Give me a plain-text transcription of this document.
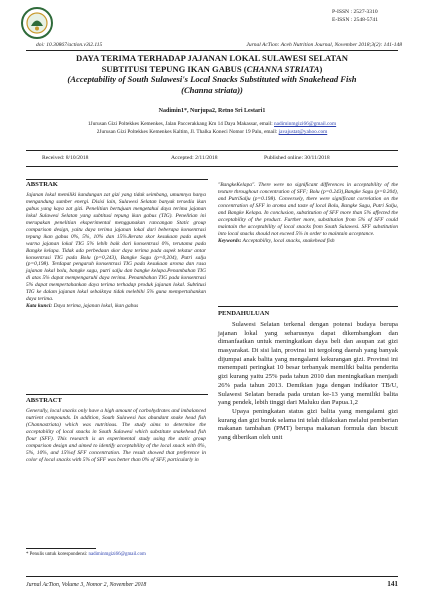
P-ISSN : 2527-3310
E-ISSN : 2548-5741
doi: 10.30867/action.v3i2.115	Jurnal AcTion: Aceh Nutrition Journal, November 2018;3(2): 141-148
DAYA TERIMA TERHADAP JAJANAN LOKAL SULAWESI SELATAN
SUBTITUSI TEPUNG IKAN GABUS (CHANNA STRIATA)
(Acceptability of South Sulawesi's Local Snacks Substituted with Snakehead Fish
(Channa striata))
Nadimin1*, Nurjupa2, Retno Sri Lestari1
1Jurusan Gizi Poltekkes Kemenkes, Jalan Paccerakkang Km 14 Daya Makassar, email: nadiminmgizi66@gmail.com
2Jurusan Gizi Poltekkes Kemenkes Kaltim, Jl. Thalka Koneci Nomor 19 Palu, email: javajustat@yahoo.com
Received: 8/10/2018	Accepted: 2/11/2018	Published online: 30/11/2018
ABSTRAK

Jajanan lokal memiliki kandungan zat gizi yang tidak seimbang, umumnya hanya mengandung sumber energi. Disisi lain, Sulawesi Selatan banyak tersedia ikan gabus yang kaya zat gizi. Penelitian bertujuan mengetahui daya terima jajanan lokal Sulawesi Selatan yang subtitusi tepung ikan gabus (TIG). Penelitian ini merupakan penelitian eksperimental menggunakan rancangan Static group comparison design, yaitu daya terima jajanan lokal dari beberapa konsentrasi tepung ikan gabus 0%, 5%, 10% dan 15%.Rerata skor kesukaan pada aspek warna jajanan lokal TIG 5% lebih baik dari konsentrasi 0%, terutama pada Bangke kelapa. Tidak ada perbedaan skor daya terima pada aspek tekstur antar konsentrasi TIG pada Bolu (p=0,243), Bangke Sagu (p=0,204), Putri salju (p=0,198). Terdapat pengaruh konsentrasi TIG pada kesukaan aroma dan rasa jajanan lokal bolu, bangke sagu, putri salju dan bangke kelapa.Penambahan TIG di atas 5% dapat mempengaruhi daya terima. Penambahan TIG pada konsentrasi 5% dapat mempertahankan daya terima terhadap produk jajanan lokal. Subtitusi TIG ke dalam jajanan lokal sebaiknya tidak melebihi 5% guna mempertahankan daya terima.

Kata kunci: Daya terima, jajanan lokal, ikan gabus

ABSTRACT

Generally, local snacks only have a high amount of carbohydrates and imbalanced nutrient compounds. In addition, South Sulawesi has abundant snake head fish (Channastriata) which was nutritious. The study aims to determine the acceptability of local snacks in South Sulawesi which substitute snakehead fish flour (SFF). This research is an experimental study using the static group comparison design and aimed to identify acceptability of the local snack with 0%, 5%, 10%, and 15%of SFF concentration. The result showed that preference in color of local snacks with 5% of SFF was better than 0% of SFF, particularly in

"BangkeKelapa". There were no significant differences in acceptability of the texture throughout concentration of SFF; Bolu (p=0.243),Bangke Sagu (p=0.204), and PutriSalju (p=0.198). Conversely, there were significant correlation on the concentration of SFF in aroma and taste of local Bolu, Bangke Sagu, Putri Salju, and Bangke Kelapa. In conclusion, substitution of SFF more than 5% affected the acceptability of the product. Further more, substitution from 5% of SFF could maintain the acceptability of local snacks from South Sulawesi. SFF substitution into local snacks should not exceed 5% in order to maintain acceptance.

Keywords: Acceptability, local snacks, snakehead fish

PENDAHULUAN

Sulawesi Selatan terkenal dengan potensi budaya berupa jajanan lokal yang seharusnya dapat dikembangkan dan dimanfaatkan untuk meningkatkan daya beli dan asupan zat gizi masyarakat. Di sisi lain, provinsi ini tergolong daerah yang banyak dijumpai anak balita yang mengalami kekurangan gizi. Provinsi ini menempati peringkat 10 besar terbanyak memiliki balita penderita gizi kurang yaitu 25% pada tahun 2010 dan meningkatkan menjadi 26% pada tahun 2013. Demikian juga dengan indikator TB/U, Sulawesi Selatan berada pada urutan ke-13 yang memiliki balita yang pendek, lebih tinggi dari Maluku dan Papua.1,2

Upaya peningkatan status gizi balita yang mengalami gizi kurang dan gizi buruk selama ini telah dilakukan melalui pemberian makanan tambahan (PMT) berupa makanan formula dan biscuit yang diberikan oleh unit

* Penulis untuk korespondensi: nadiminmgizi66@gmail.com
Jurnal AcTion, Volume 3, Nomor 2, November 2018	141
